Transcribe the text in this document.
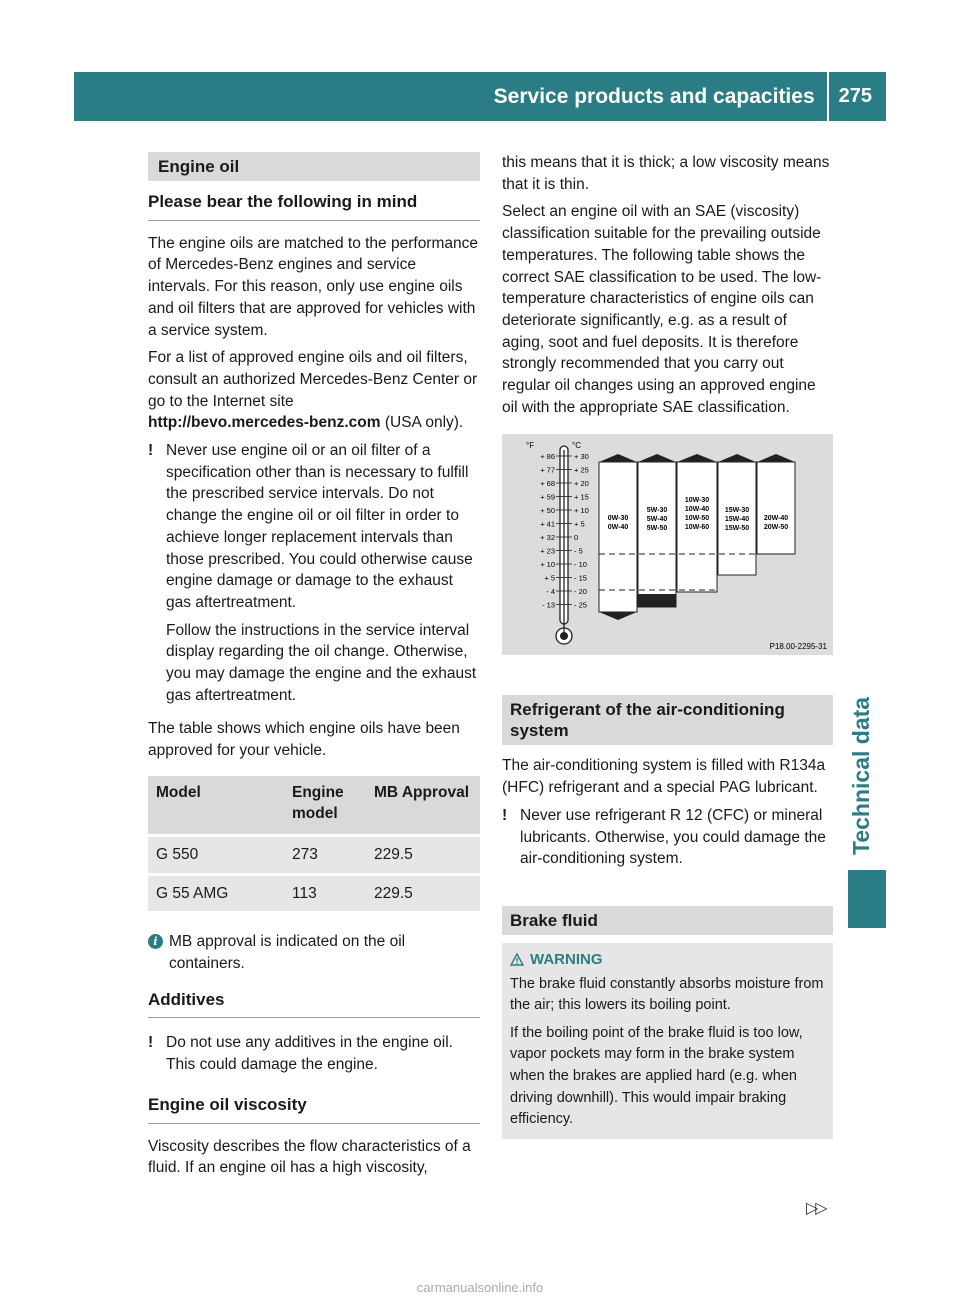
Service products and capacities	275
Technical data
Engine oil
Please bear the following in mind

The engine oils are matched to the performance of Mercedes-Benz engines and service intervals. For this reason, only use engine oils and oil filters that are approved for vehicles with a service system.

For a list of approved engine oils and oil filters, consult an authorized Mercedes-Benz Center or go to the Internet site
http://bevo.mercedes-benz.com (USA only).

! Never use engine oil or an oil filter of a specification other than is necessary to fulfill the prescribed service intervals. Do not change the engine oil or oil filter in order to achieve longer replacement intervals than those prescribed. You could otherwise cause engine damage or damage to the exhaust gas aftertreatment.

Follow the instructions in the service interval display regarding the oil change. Otherwise, you may damage the engine and the exhaust gas aftertreatment.

The table shows which engine oils have been approved for your vehicle.

Model	Engine model	MB Approval
G 550	273	229.5
G 55 AMG	113	229.5
i MB approval is indicated on the oil containers.
Additives
! Do not use any additives in the engine oil. This could damage the engine.

Engine oil viscosity

Viscosity describes the flow characteristics of a fluid. If an engine oil has a high viscosity,

this means that it is thick; a low viscosity means that it is thin.

Select an engine oil with an SAE (viscosity) classification suitable for the prevailing outside temperatures. The following table shows the correct SAE classification to be used. The low-temperature characteristics of engine oils can deteriorate significantly, e.g. as a result of aging, soot and fuel deposits. It is therefore strongly recommended that you carry out regular oil changes using an approved engine oil with the appropriate SAE classification.

°F	°C
+ 86	+ 30
+ 77	+ 25
+ 68	+ 20
+ 59	+ 15
+ 50	+ 10
+ 41	+ 5
+ 32	0
+ 23	- 5
+ 10	- 10
+ 5	- 15
- 4	- 20
- 13	- 25
0W-30
0W-40
5W-30
5W-40
5W-50
10W-30
10W-40
10W-50
10W-60
15W-30
15W-40
15W-50
20W-40
20W-50
P18.00-2295-31
Refrigerant of the air-conditioning system

The air-conditioning system is filled with R134a (HFC) refrigerant and a special PAG lubricant.

! Never use refrigerant R 12 (CFC) or mineral lubricants. Otherwise, you could damage the air-conditioning system.

Brake fluid
WARNING

The brake fluid constantly absorbs moisture from the air; this lowers its boiling point.

If the boiling point of the brake fluid is too low, vapor pockets may form in the brake system when the brakes are applied hard (e.g. when driving downhill). This would impair braking efficiency.

▷▷
carmanualsonline.info
